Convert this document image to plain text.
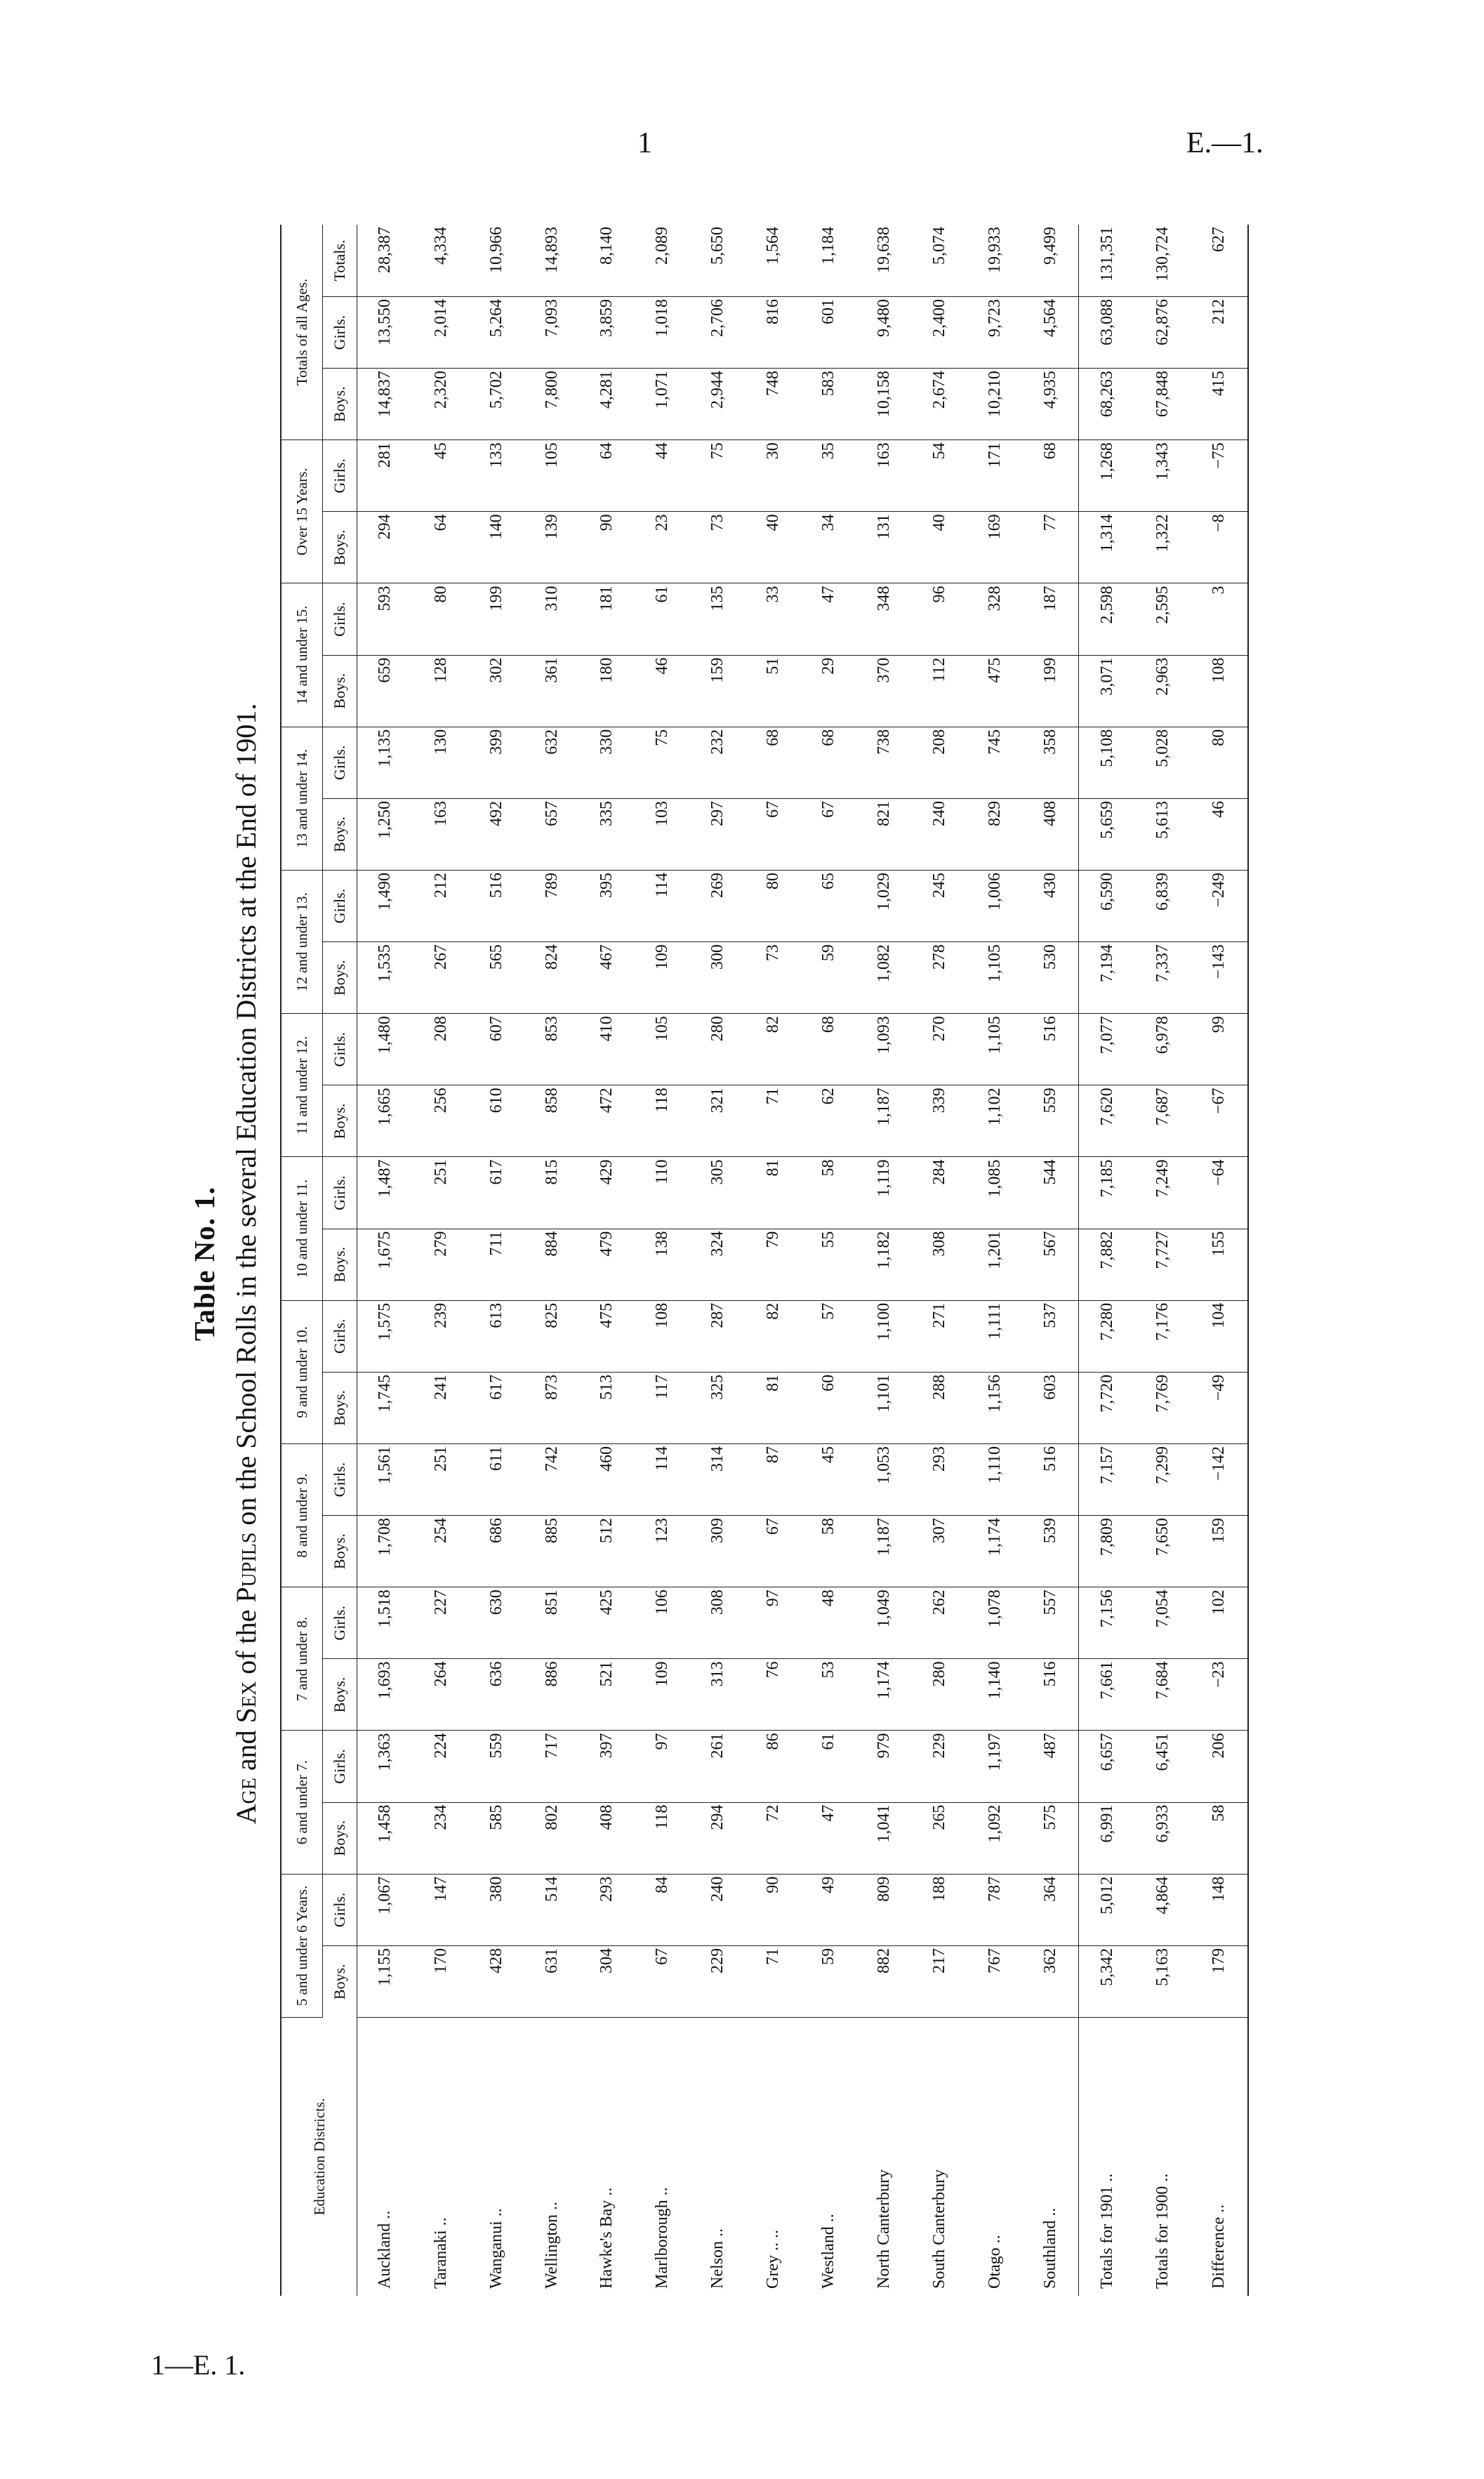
1	E.—1.
1—E. 1.
Table No. 1.
Age and Sex of the Pupils on the School Rolls in the several Education Districts at the End of 1901.
Education Districts.	5 and under 6 Years.		6 and under 7.		7 and under 8.		8 and under 9.		9 and under 10.		10 and under 11.		11 and under 12.		12 and under 13.		13 and under 14.		14 and under 15.		Over 15 Years.		Totals of all Ages.		
	Boys.	Girls.	Boys.	Girls.	Boys.	Girls.	Boys.	Girls.	Boys.	Girls.	Boys.	Girls.	Boys.	Girls.	Boys.	Girls.	Boys.	Girls.	Boys.	Girls.	Boys.	Girls.	Boys.	Girls.	Totals.
Auckland ..	1,155	1,067	1,458	1,363	1,693	1,518	1,708	1,561	1,745	1,575	1,675	1,487	1,665	1,480	1,535	1,490	1,250	1,135	659	593	294	281	14,837	13,550	28,387
Taranaki ..	170	147	234	224	264	227	254	251	241	239	279	251	256	208	267	212	163	130	128	80	64	45	2,320	2,014	4,334
Wanganui ..	428	380	585	559	636	630	686	611	617	613	711	617	610	607	565	516	492	399	302	199	140	133	5,702	5,264	10,966
Wellington ..	631	514	802	717	886	851	885	742	873	825	884	815	858	853	824	789	657	632	361	310	139	105	7,800	7,093	14,893
Hawke's Bay ..	304	293	408	397	521	425	512	460	513	475	479	429	472	410	467	395	335	330	180	181	90	64	4,281	3,859	8,140
Marlborough ..	67	84	118	97	109	106	123	114	117	108	138	110	118	105	109	114	103	75	46	61	23	44	1,071	1,018	2,089
Nelson ..	229	240	294	261	313	308	309	314	325	287	324	305	321	280	300	269	297	232	159	135	73	75	2,944	2,706	5,650
Grey .. ..	71	90	72	86	76	97	67	87	81	82	79	81	71	82	73	80	67	68	51	33	40	30	748	816	1,564
Westland ..	59	49	47	61	53	48	58	45	60	57	55	58	62	68	59	65	67	68	29	47	34	35	583	601	1,184
North Canterbury	882	809	1,041	979	1,174	1,049	1,187	1,053	1,101	1,100	1,182	1,119	1,187	1,093	1,082	1,029	821	738	370	348	131	163	10,158	9,480	19,638
South Canterbury	217	188	265	229	280	262	307	293	288	271	308	284	339	270	278	245	240	208	112	96	40	54	2,674	2,400	5,074
Otago ..	767	787	1,092	1,197	1,140	1,078	1,174	1,110	1,156	1,111	1,201	1,085	1,102	1,105	1,105	1,006	829	745	475	328	169	171	10,210	9,723	19,933
Southland ..	362	364	575	487	516	557	539	516	603	537	567	544	559	516	530	430	408	358	199	187	77	68	4,935	4,564	9,499
Totals for 1901 ..	5,342	5,012	6,991	6,657	7,661	7,156	7,809	7,157	7,720	7,280	7,882	7,185	7,620	7,077	7,194	6,590	5,659	5,108	3,071	2,598	1,314	1,268	68,263	63,088	131,351
Totals for 1900 ..	5,163	4,864	6,933	6,451	7,684	7,054	7,650	7,299	7,769	7,176	7,727	7,249	7,687	6,978	7,337	6,839	5,613	5,028	2,963	2,595	1,322	1,343	67,848	62,876	130,724
Difference ..	179	148	58	206	−23	102	159	−142	−49	104	155	−64	−67	99	−143	−249	46	80	108	3	−8	−75	415	212	627
